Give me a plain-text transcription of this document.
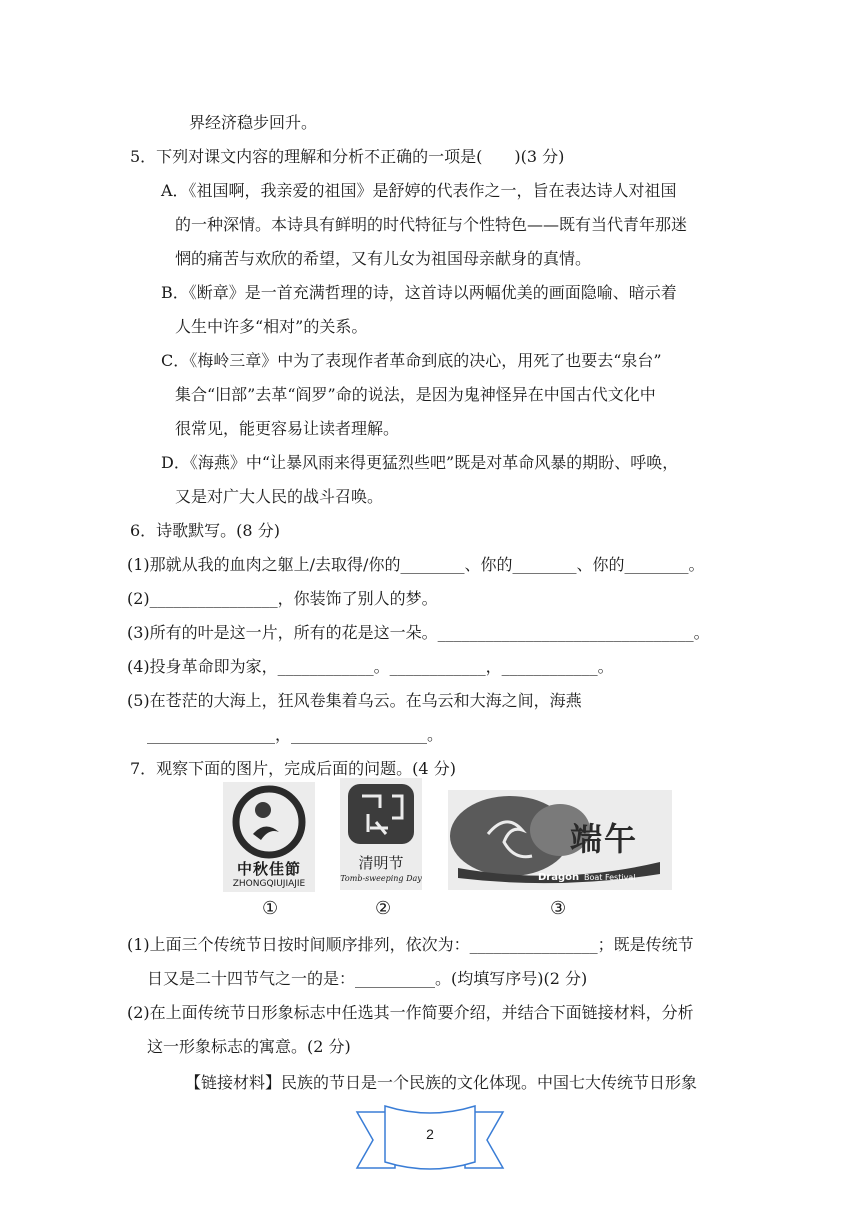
界经济稳步回升。
5．下列对课文内容的理解和分析不正确的一项是(　　)(3 分)
A．《祖国啊，我亲爱的祖国》是舒婷的代表作之一，旨在表达诗人对祖国
的一种深情。本诗具有鲜明的时代特征与个性特色——既有当代青年那迷
惘的痛苦与欢欣的希望，又有儿女为祖国母亲献身的真情。
B．《断章》是一首充满哲理的诗，这首诗以两幅优美的画面隐喻、暗示着
人生中许多“相对”的关系。
C．《梅岭三章》中为了表现作者革命到底的决心，用死了也要去“泉台”
集合“旧部”去革“阎罗”命的说法，是因为鬼神怪异在中国古代文化中
很常见，能更容易让读者理解。
D．《海燕》中“让暴风雨来得更猛烈些吧”既是对革命风暴的期盼、呼唤，
又是对广大人民的战斗召唤。
6．诗歌默写。(8 分)
(1)那就从我的血肉之躯上/去取得/你的________、你的________、你的________。
(2)________________，你装饰了别人的梦。
(3)所有的叶是这一片，所有的花是这一朵。________________________________。
(4)投身革命即为家，____________。____________，____________。
(5)在苍茫的大海上，狂风卷集着乌云。在乌云和大海之间，海燕
________________，_________________。
7．观察下面的图片，完成后面的问题。(4 分)
中秋佳節
ZHONGQIUJIAJIE
清明节
Tomb-sweeping Day
端午
Dragon Boat Festival
①	②	③
(1)上面三个传统节日按时间顺序排列，依次为：________________；既是传统节
日又是二十四节气之一的是：__________。(均填写序号)(2 分)
(2)在上面传统节日形象标志中任选其一作简要介绍，并结合下面链接材料，分析
这一形象标志的寓意。(2 分)
【链接材料】民族的节日是一个民族的文化体现。中国七大传统节日形象
2
